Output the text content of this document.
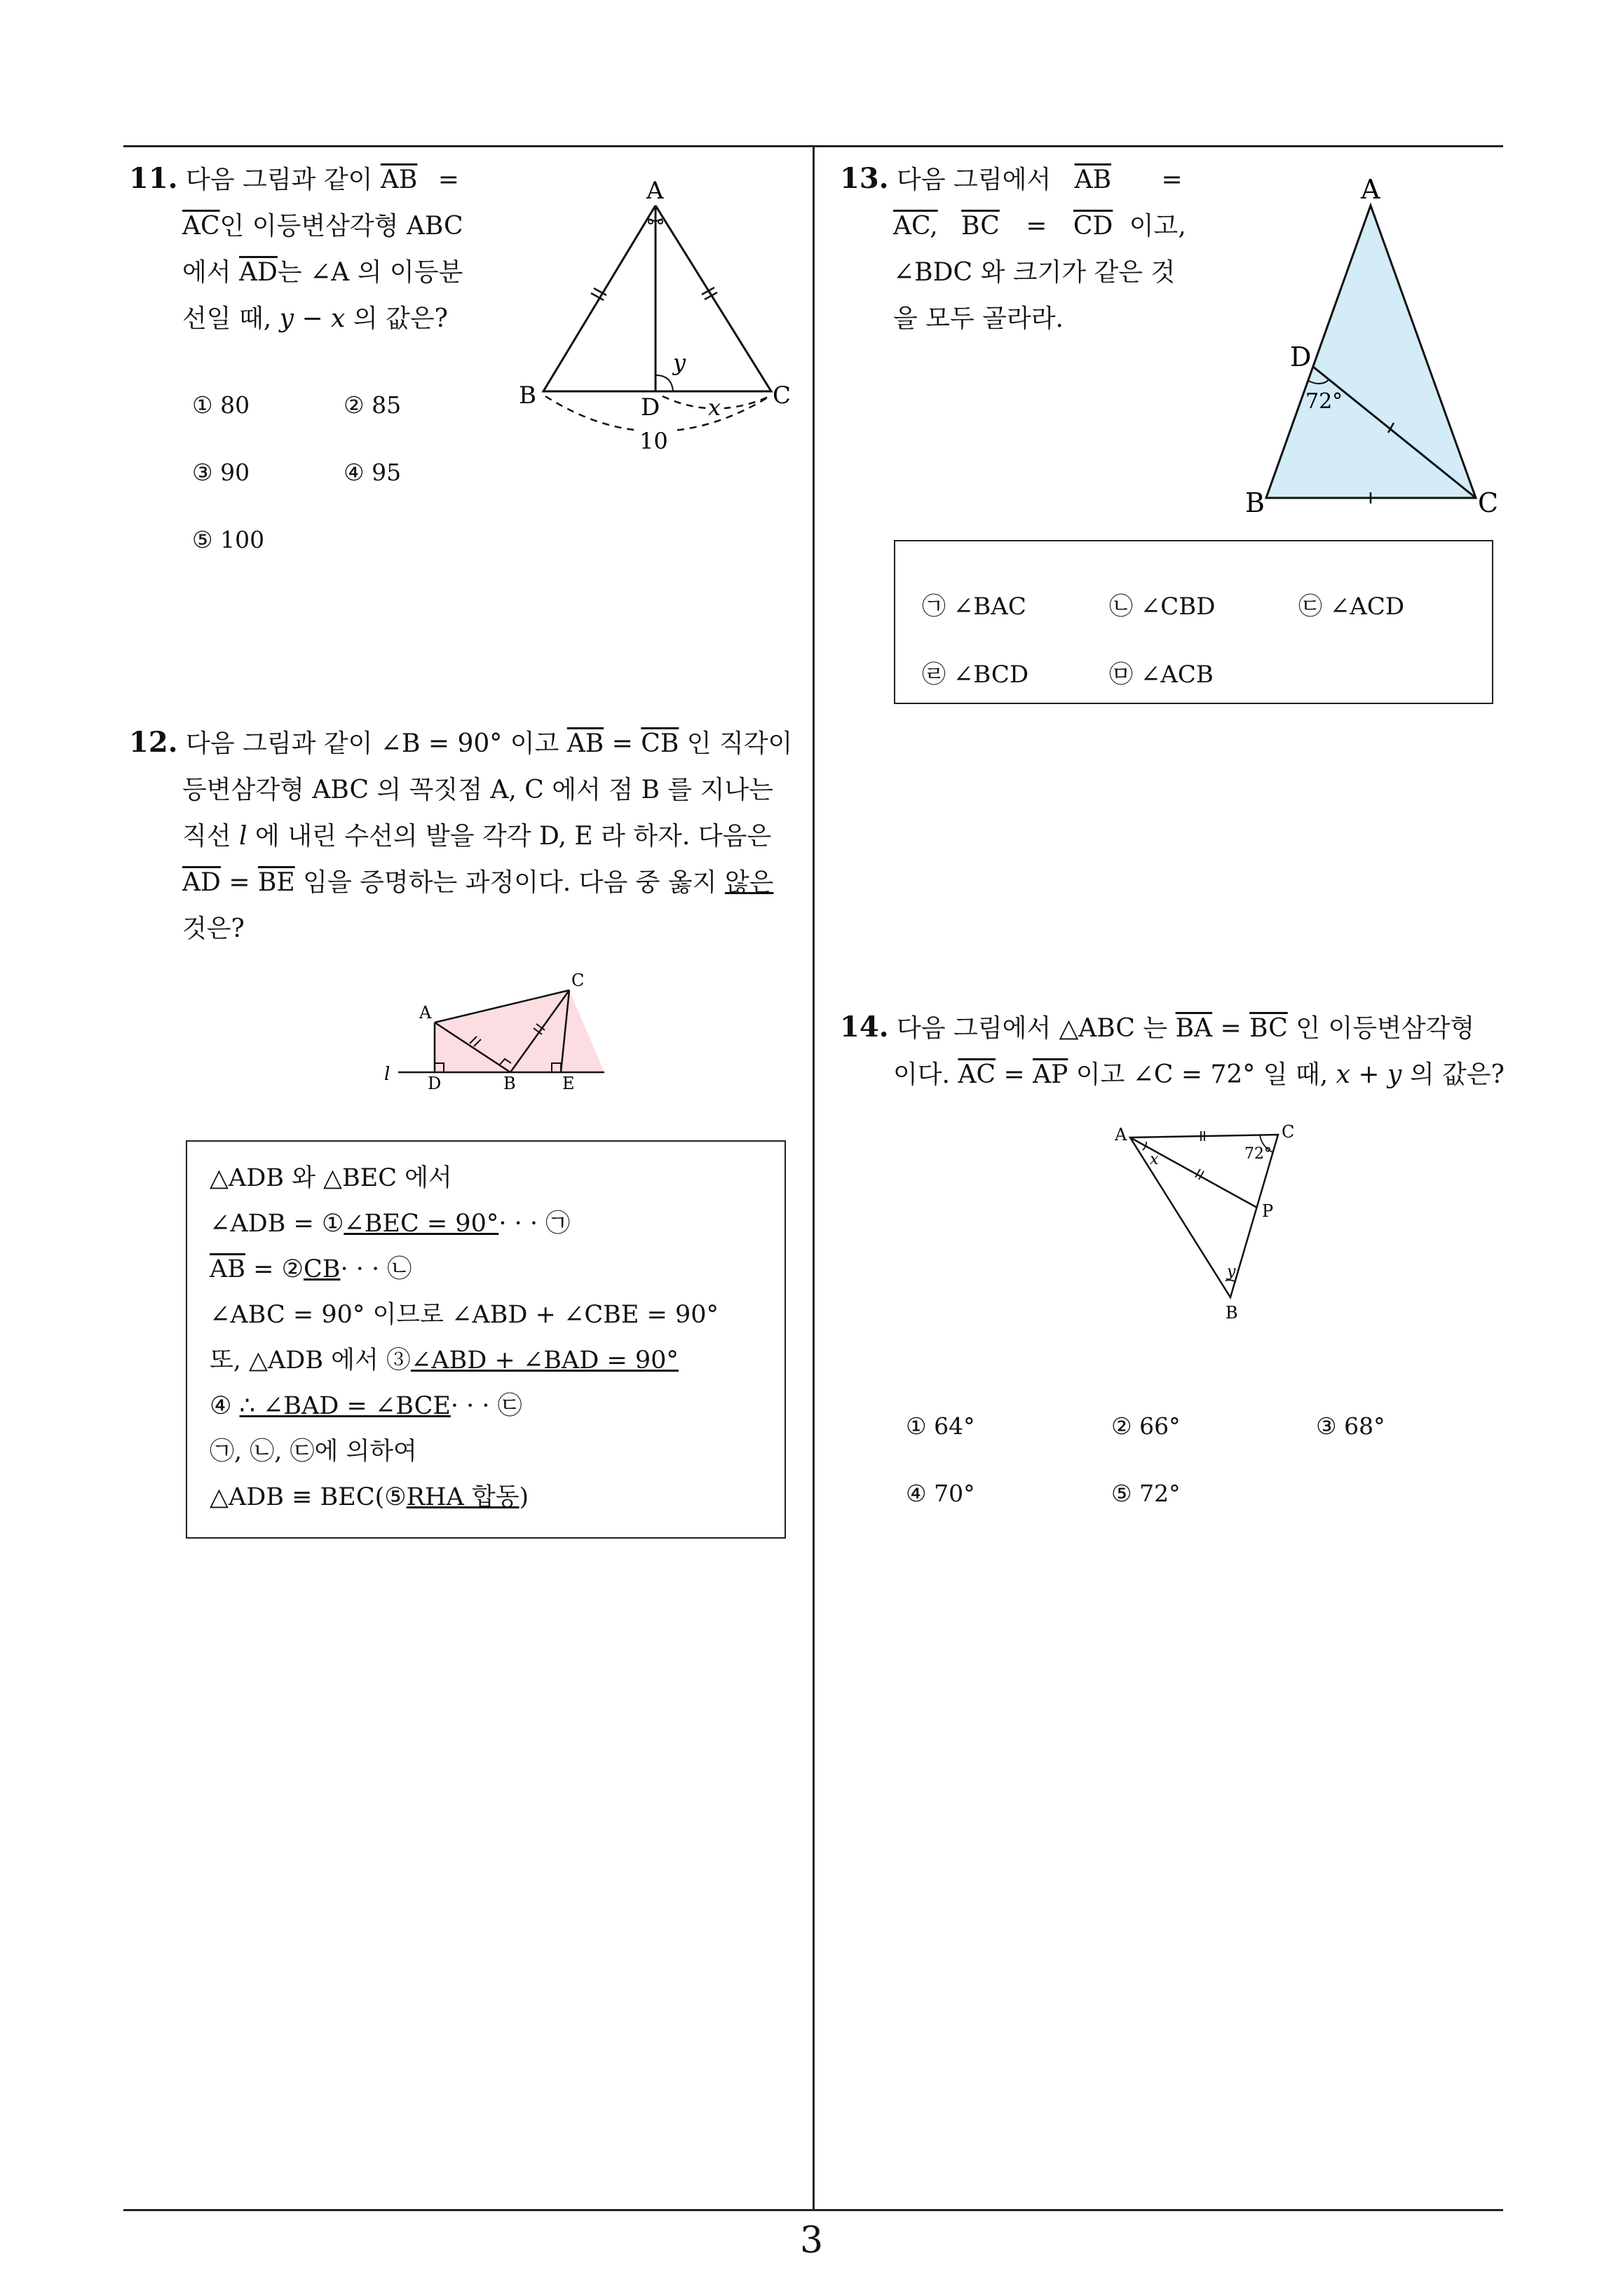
11. 다음 그림과 같이 $\overline{AB}$ =
$\overline{AC}$인 이등변삼각형 ABC
에서 $\overline{AD}$는 ∠A 의 이등분
선일 때, y − x 의 값은?
A
B	C
D
y
x
10
① 80	② 85
③ 90	④ 95
⑤ 100
12. 다음 그림과 같이 ∠B = 90° 이고 $\overline{AB} = \overline{CB}$ 인 직각이
등변삼각형 ABC 의 꼭짓점 A, C 에서 점 B 를 지나는
직선 l 에 내린 수선의 발을 각각 D, E 라 하자. 다음은
$\overline{AD} = \overline{BE}$ 임을 증명하는 과정이다. 다음 중 옳지 않은
것은?
A
C
D	B	E
l
△ADB 와 △BEC 에서
∠ADB = ①∠BEC = 90°· · · ㉠
$\overline{AB}$ = ②CB· · · ㉡
∠ABC = 90° 이므로 ∠ABD + ∠CBE = 90°
또, △ADB 에서 ③∠ABD + ∠BAD = 90°
④ ∴ ∠BAD = ∠BCE· · · ㉢
㉠, ㉡, ㉢에 의하여
△ADB ≡ BEC(⑤RHA 합동)
13. 다음 그림에서 $\overline{AB}$ =
AC, $\overline{BC} = \overline{CD}$ 이고,
∠BDC 와 크기가 같은 것
을 모두 골라라.
A
D
B	C
72°
㉠ ∠BAC	㉡ ∠CBD	㉢ ∠ACD
㉣ ∠BCD	㉤ ∠ACB
14. 다음 그림에서 △ABC 는 $\overline{BA} = \overline{BC}$ 인 이등변삼각형
이다. $\overline{AC} = \overline{AP}$ 이고 ∠C = 72° 일 때, x + y 의 값은?
A	C
P
B
x
y
72°
① 64°	② 66°	③ 68°
④ 70°	⑤ 72°
3
